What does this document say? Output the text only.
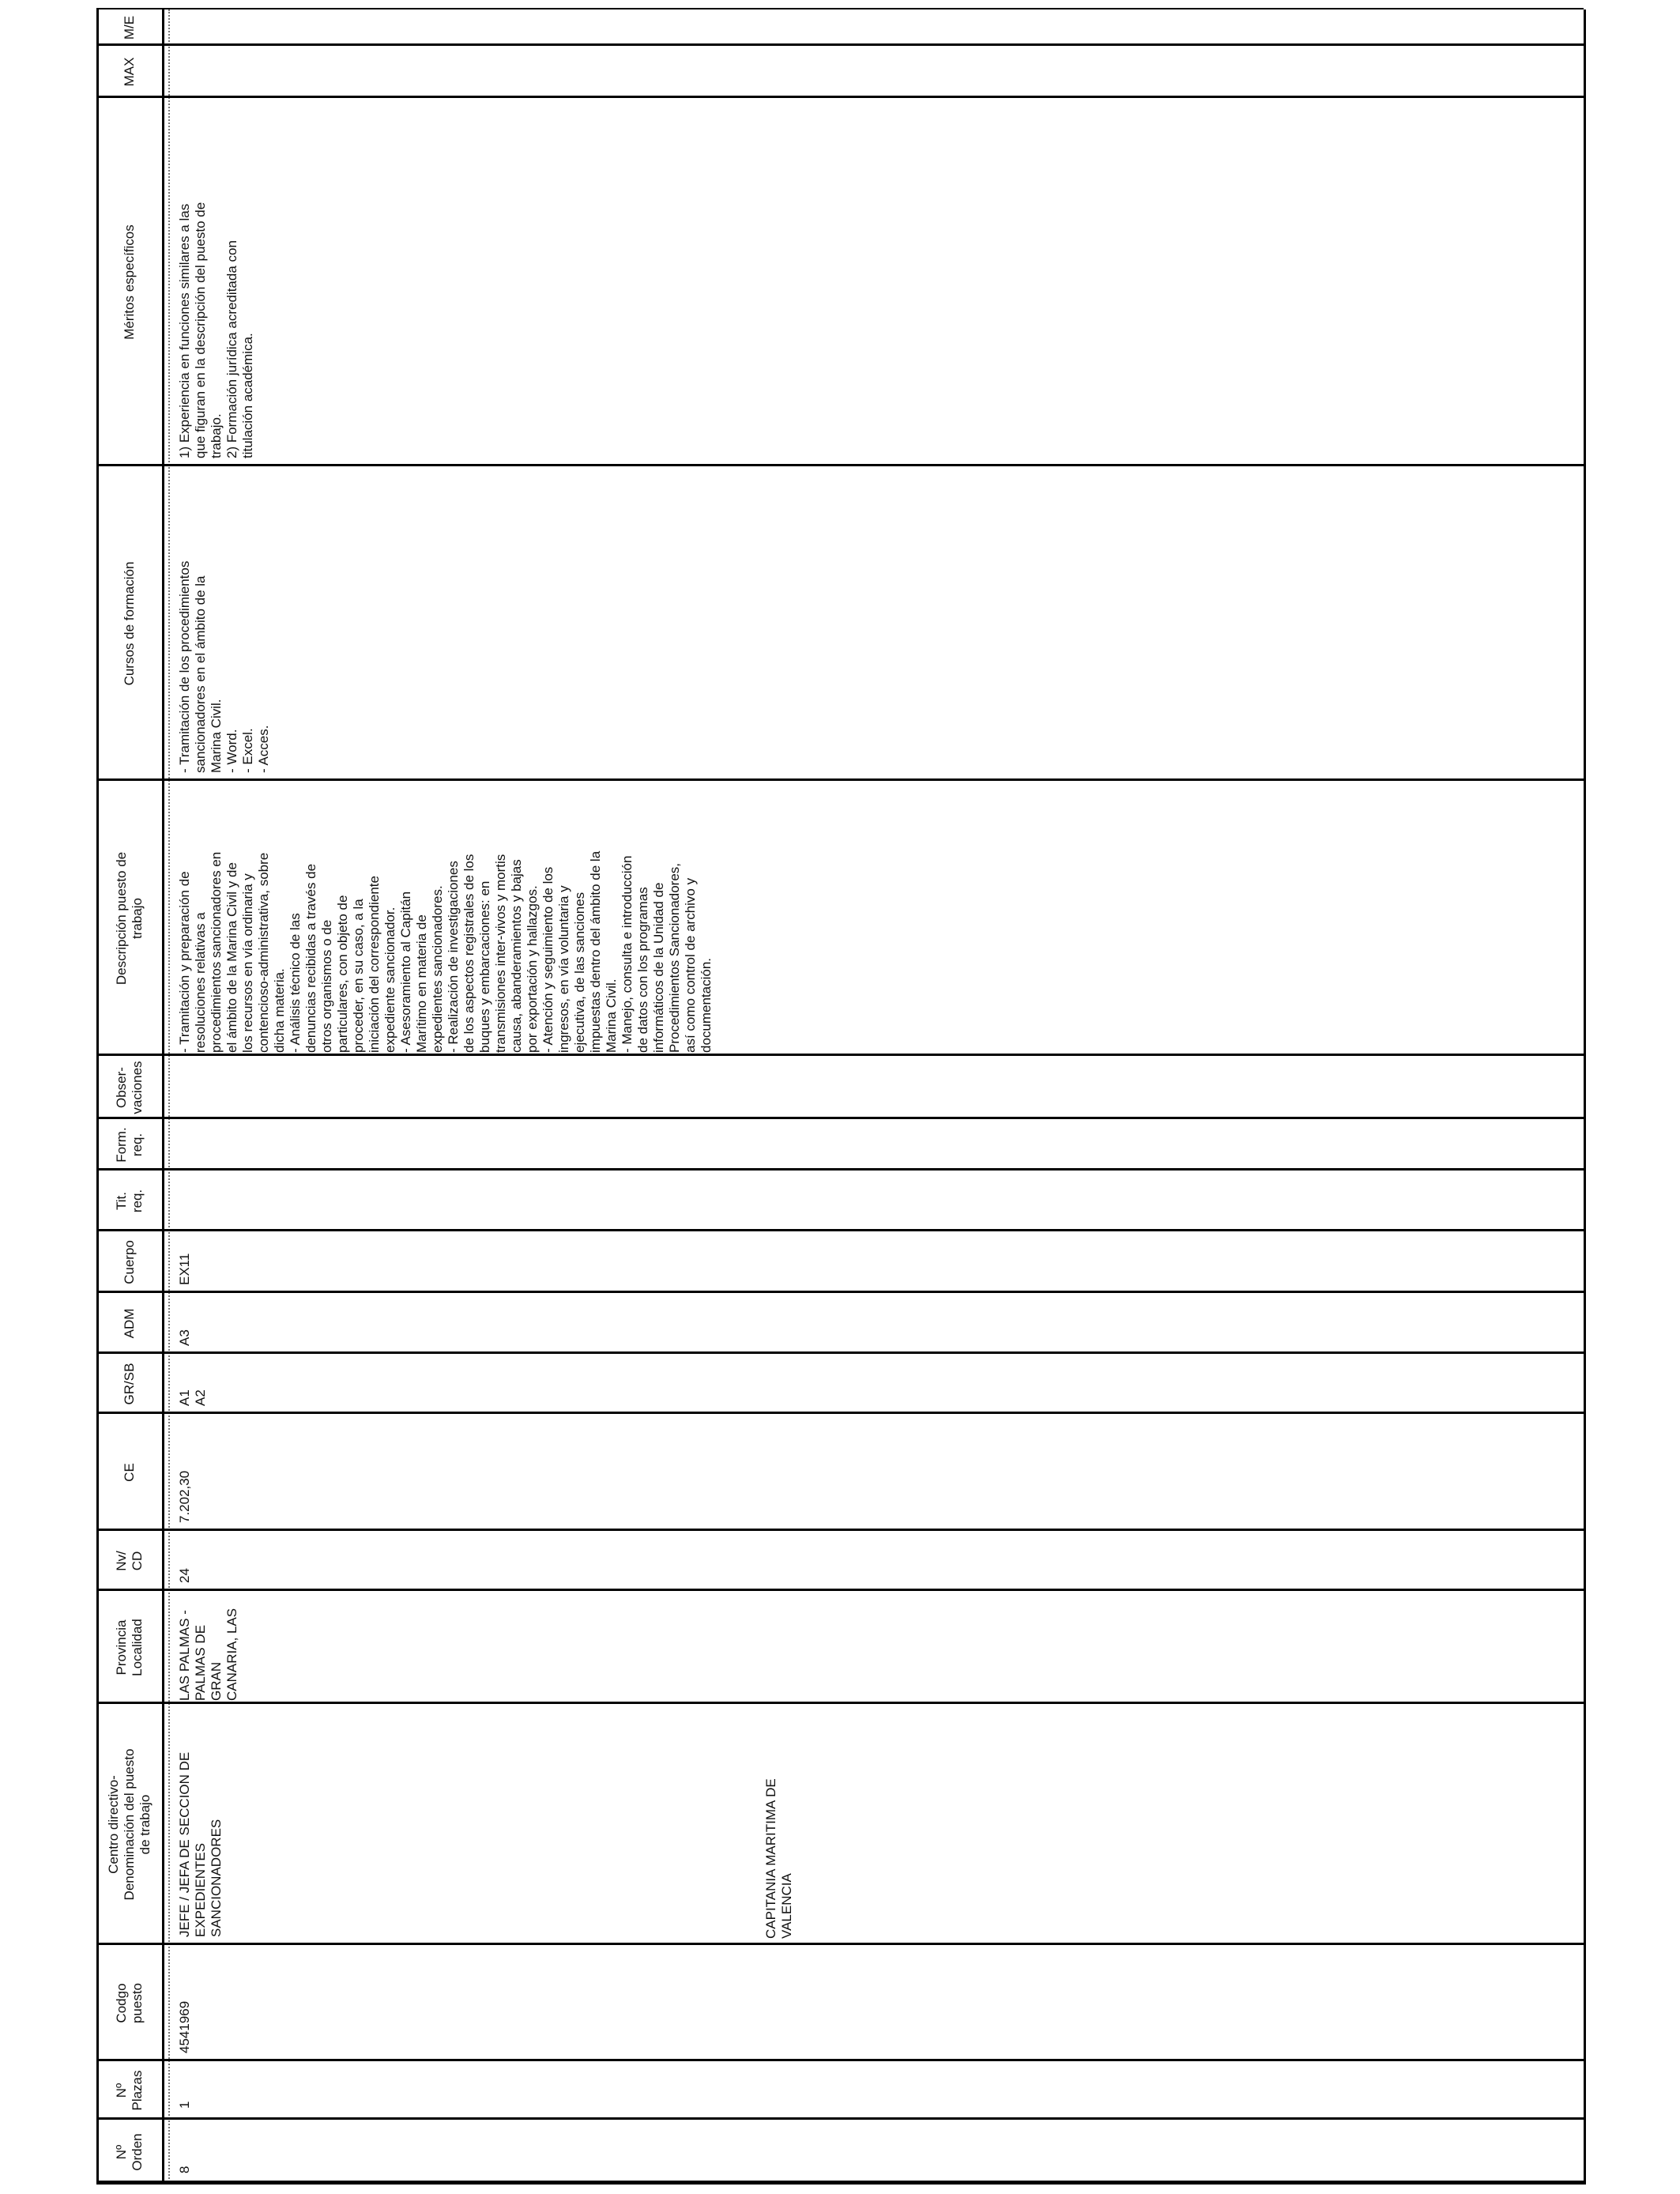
Nº
Orden
Nº
Plazas
Codgo
puesto
Centro directivo-
Denominación del puesto
de trabajo
Provincia
Localidad
Nv/
CD
CE
GR/SB
ADM
Cuerpo
Tit.
req.
Form.
req.
Obser-
vaciones
Descripción puesto de
trabajo
Cursos de formación
Méritos específicos
MAX
M/E
8
1
4541969
JEFE / JEFA DE SECCION DE
EXPEDIENTES
SANCIONADORES	CAPITANIA MARITIMA DE
VALENCIA
LAS PALMAS -
PALMAS DE
GRAN
CANARIA, LAS
24
7.202,30
A1
A2
A3
EX11
- Tramitación y preparación de
resoluciones relativas a
procedimientos sancionadores en
el ámbito de la Marina Civil y de
los recursos en vía ordinaria y
contencioso-administrativa, sobre
dicha materia.
- Análisis técnico de las
denuncias recibidas a través de
otros organismos o de
particulares, con objeto de
proceder, en su caso, a la
iniciación del correspondiente
expediente sancionador.
- Asesoramiento al Capitán
Marítimo en materia de
expedientes sancionadores.
- Realización de investigaciones
de los aspectos registrales de los
buques y embarcaciones: en
transmisiones inter-vivos y mortis
causa, abanderamientos y bajas
por exportación y hallazgos.
- Atención y seguimiento de los
ingresos, en vía voluntaria y
ejecutiva, de las sanciones
impuestas dentro del ámbito de la
Marina Civil.
- Manejo, consulta e introducción
de datos con los programas
informáticos de la Unidad de
Procedimientos Sancionadores,
así como control de archivo y
documentación.
- Tramitación de los procedimientos
sancionadores en el ámbito de la
Marina Civil.
- Word.
- Excel.
- Acces.
1) Experiencia en funciones similares a las
que figuran en la descripción del puesto de
trabajo.
2) Formación jurídica acreditada con
titulación académica.
